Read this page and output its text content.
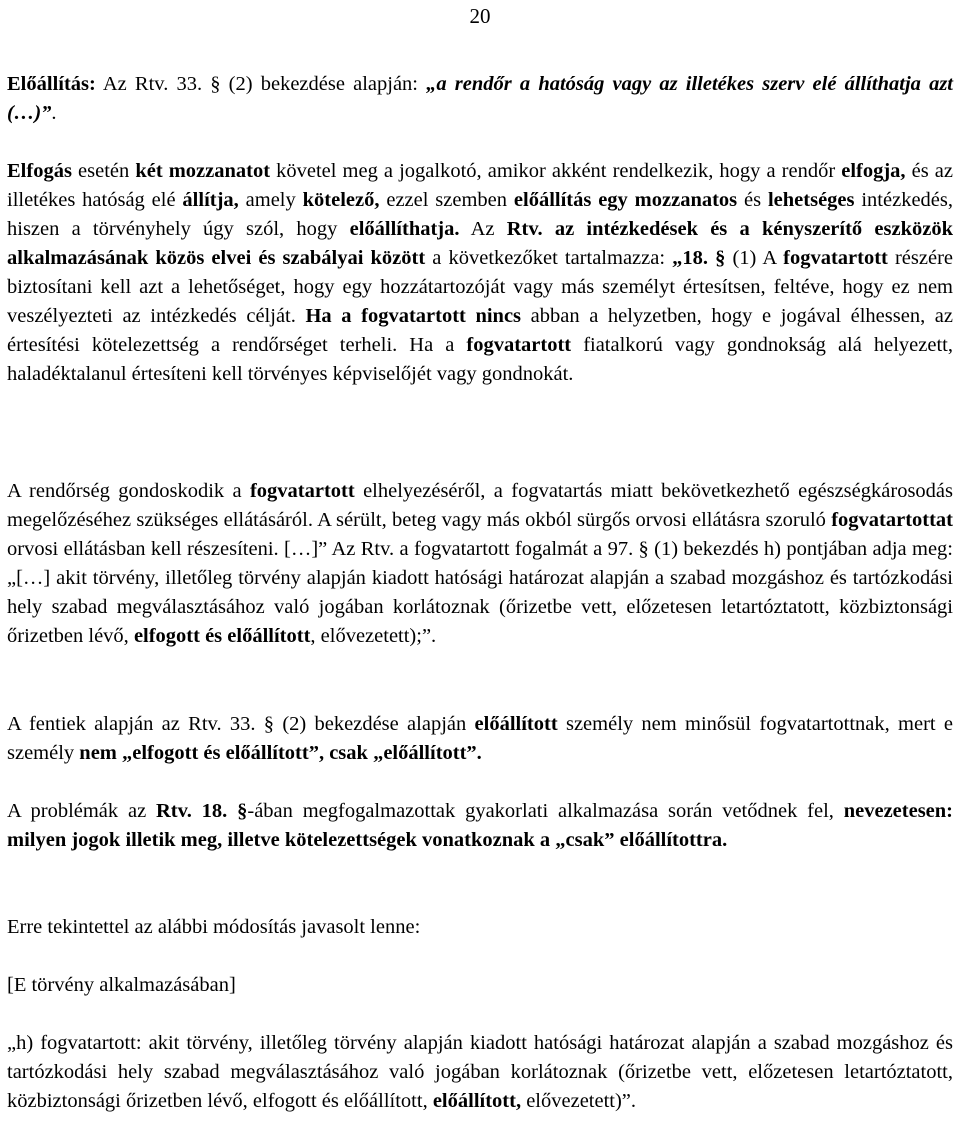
20

Előállítás: Az Rtv. 33. § (2) bekezdése alapján: „a rendőr a hatóság vagy az illetékes szerv elé állíthatja azt (…)”.

Elfogás esetén két mozzanatot követel meg a jogalkotó, amikor akként rendelkezik, hogy a rendőr elfogja, és az illetékes hatóság elé állítja, amely kötelező, ezzel szemben előállítás egy mozzanatos és lehetséges intézkedés, hiszen a törvényhely úgy szól, hogy előállíthatja. Az Rtv. az intézkedések és a kényszerítő eszközök alkalmazásának közös elvei és szabályai között a következőket tartalmazza: „18. § (1) A fogvatartott részére biztosítani kell azt a lehetőséget, hogy egy hozzátartozóját vagy más személyt értesítsen, feltéve, hogy ez nem veszélyezteti az intézkedés célját. Ha a fogvatartott nincs abban a helyzetben, hogy e jogával élhessen, az értesítési kötelezettség a rendőrséget terheli. Ha a fogvatartott fiatalkorú vagy gondnokság alá helyezett, haladéktalanul értesíteni kell törvényes képviselőjét vagy gondnokát.

A rendőrség gondoskodik a fogvatartott elhelyezéséről, a fogvatartás miatt bekövetkezhető egészségkárosodás megelőzéséhez szükséges ellátásáról. A sérült, beteg vagy más okból sürgős orvosi ellátásra szoruló fogvatartottat orvosi ellátásban kell részesíteni. […]” Az Rtv. a fogvatartott fogalmát a 97. § (1) bekezdés h) pontjában adja meg: „[…] akit törvény, illetőleg törvény alapján kiadott hatósági határozat alapján a szabad mozgáshoz és tartózkodási hely szabad megválasztásához való jogában korlátoznak (őrizetbe vett, előzetesen letartóztatott, közbiztonsági őrizetben lévő, elfogott és előállított, elővezetett);”.

A fentiek alapján az Rtv. 33. § (2) bekezdése alapján előállított személy nem minősül fogvatartottnak, mert e személy nem „elfogott és előállított”, csak „előállított”.

A problémák az Rtv. 18. §-ában megfogalmazottak gyakorlati alkalmazása során vetődnek fel, nevezetesen: milyen jogok illetik meg, illetve kötelezettségek vonatkoznak a „csak” előállítottra.

Erre tekintettel az alábbi módosítás javasolt lenne:

[E törvény alkalmazásában]

„h) fogvatartott: akit törvény, illetőleg törvény alapján kiadott hatósági határozat alapján a szabad mozgáshoz és tartózkodási hely szabad megválasztásához való jogában korlátoznak (őrizetbe vett, előzetesen letartóztatott, közbiztonsági őrizetben lévő, elfogott és előállított, előállított, elővezetett)”.
